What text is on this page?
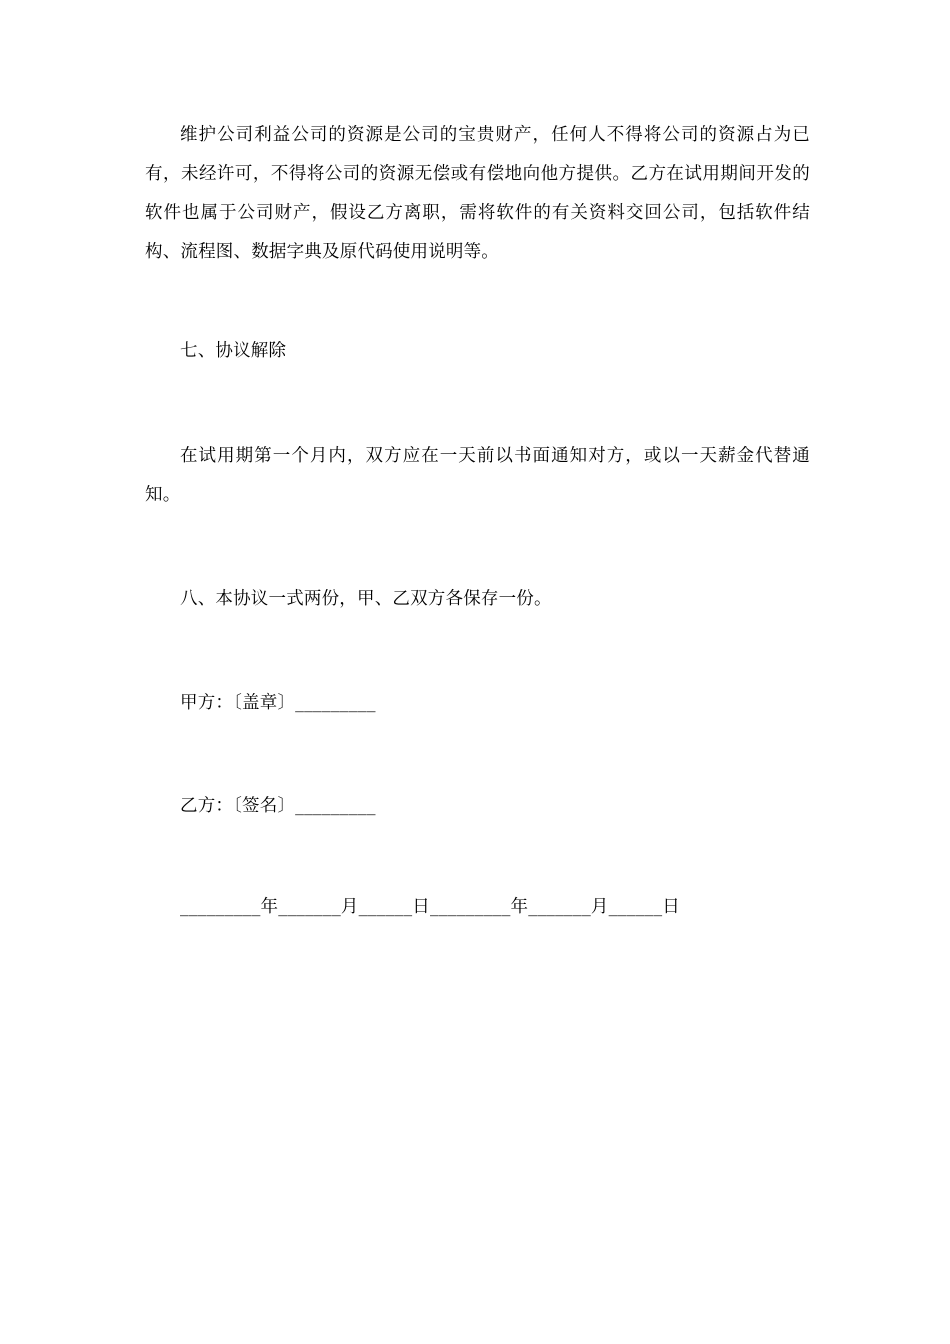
维护公司利益公司的资源是公司的宝贵财产，任何人不得将公司的资源占为已有，未经许可，不得将公司的资源无偿或有偿地向他方提供。乙方在试用期间开发的软件也属于公司财产，假设乙方离职，需将软件的有关资料交回公司，包括软件结构、流程图、数据字典及原代码使用说明等。

七、协议解除

在试用期第一个月内，双方应在一天前以书面通知对方，或以一天薪金代替通知。

八、本协议一式两份，甲、乙双方各保存一份。

甲方：〔盖章〕_________

乙方：〔签名〕_________

_________年_______月______日_________年_______月______日
